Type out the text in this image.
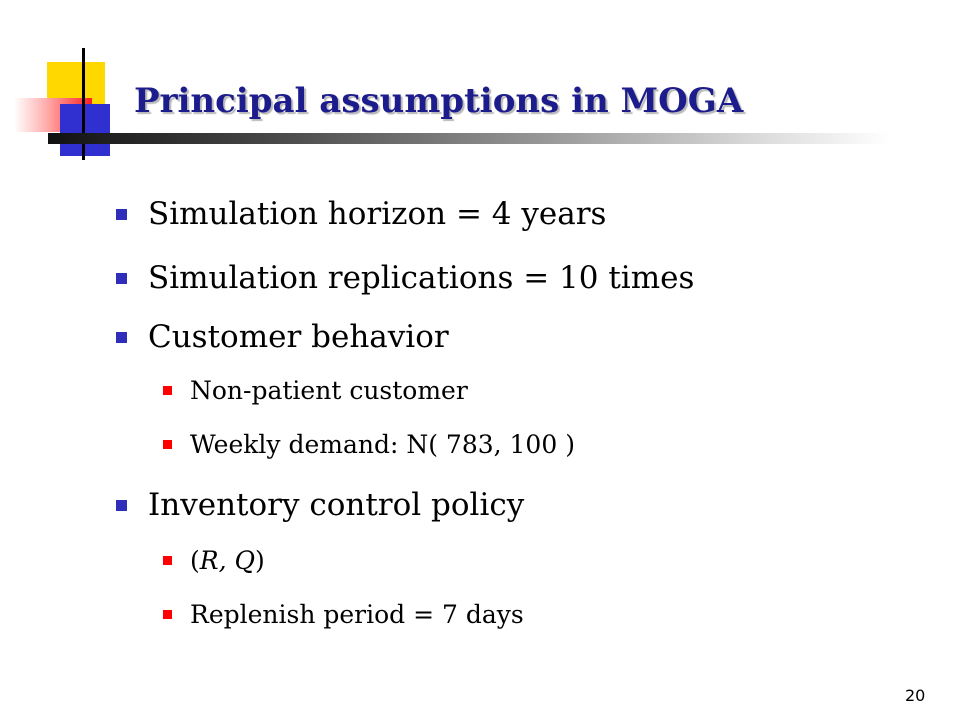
Principal assumptions in MOGA
Simulation horizon = 4 years
Simulation replications = 10 times
Customer behavior
Non-patient customer
Weekly demand: N( 783, 100 )
Inventory control policy
(R, Q)
Replenish period = 7 days
20
